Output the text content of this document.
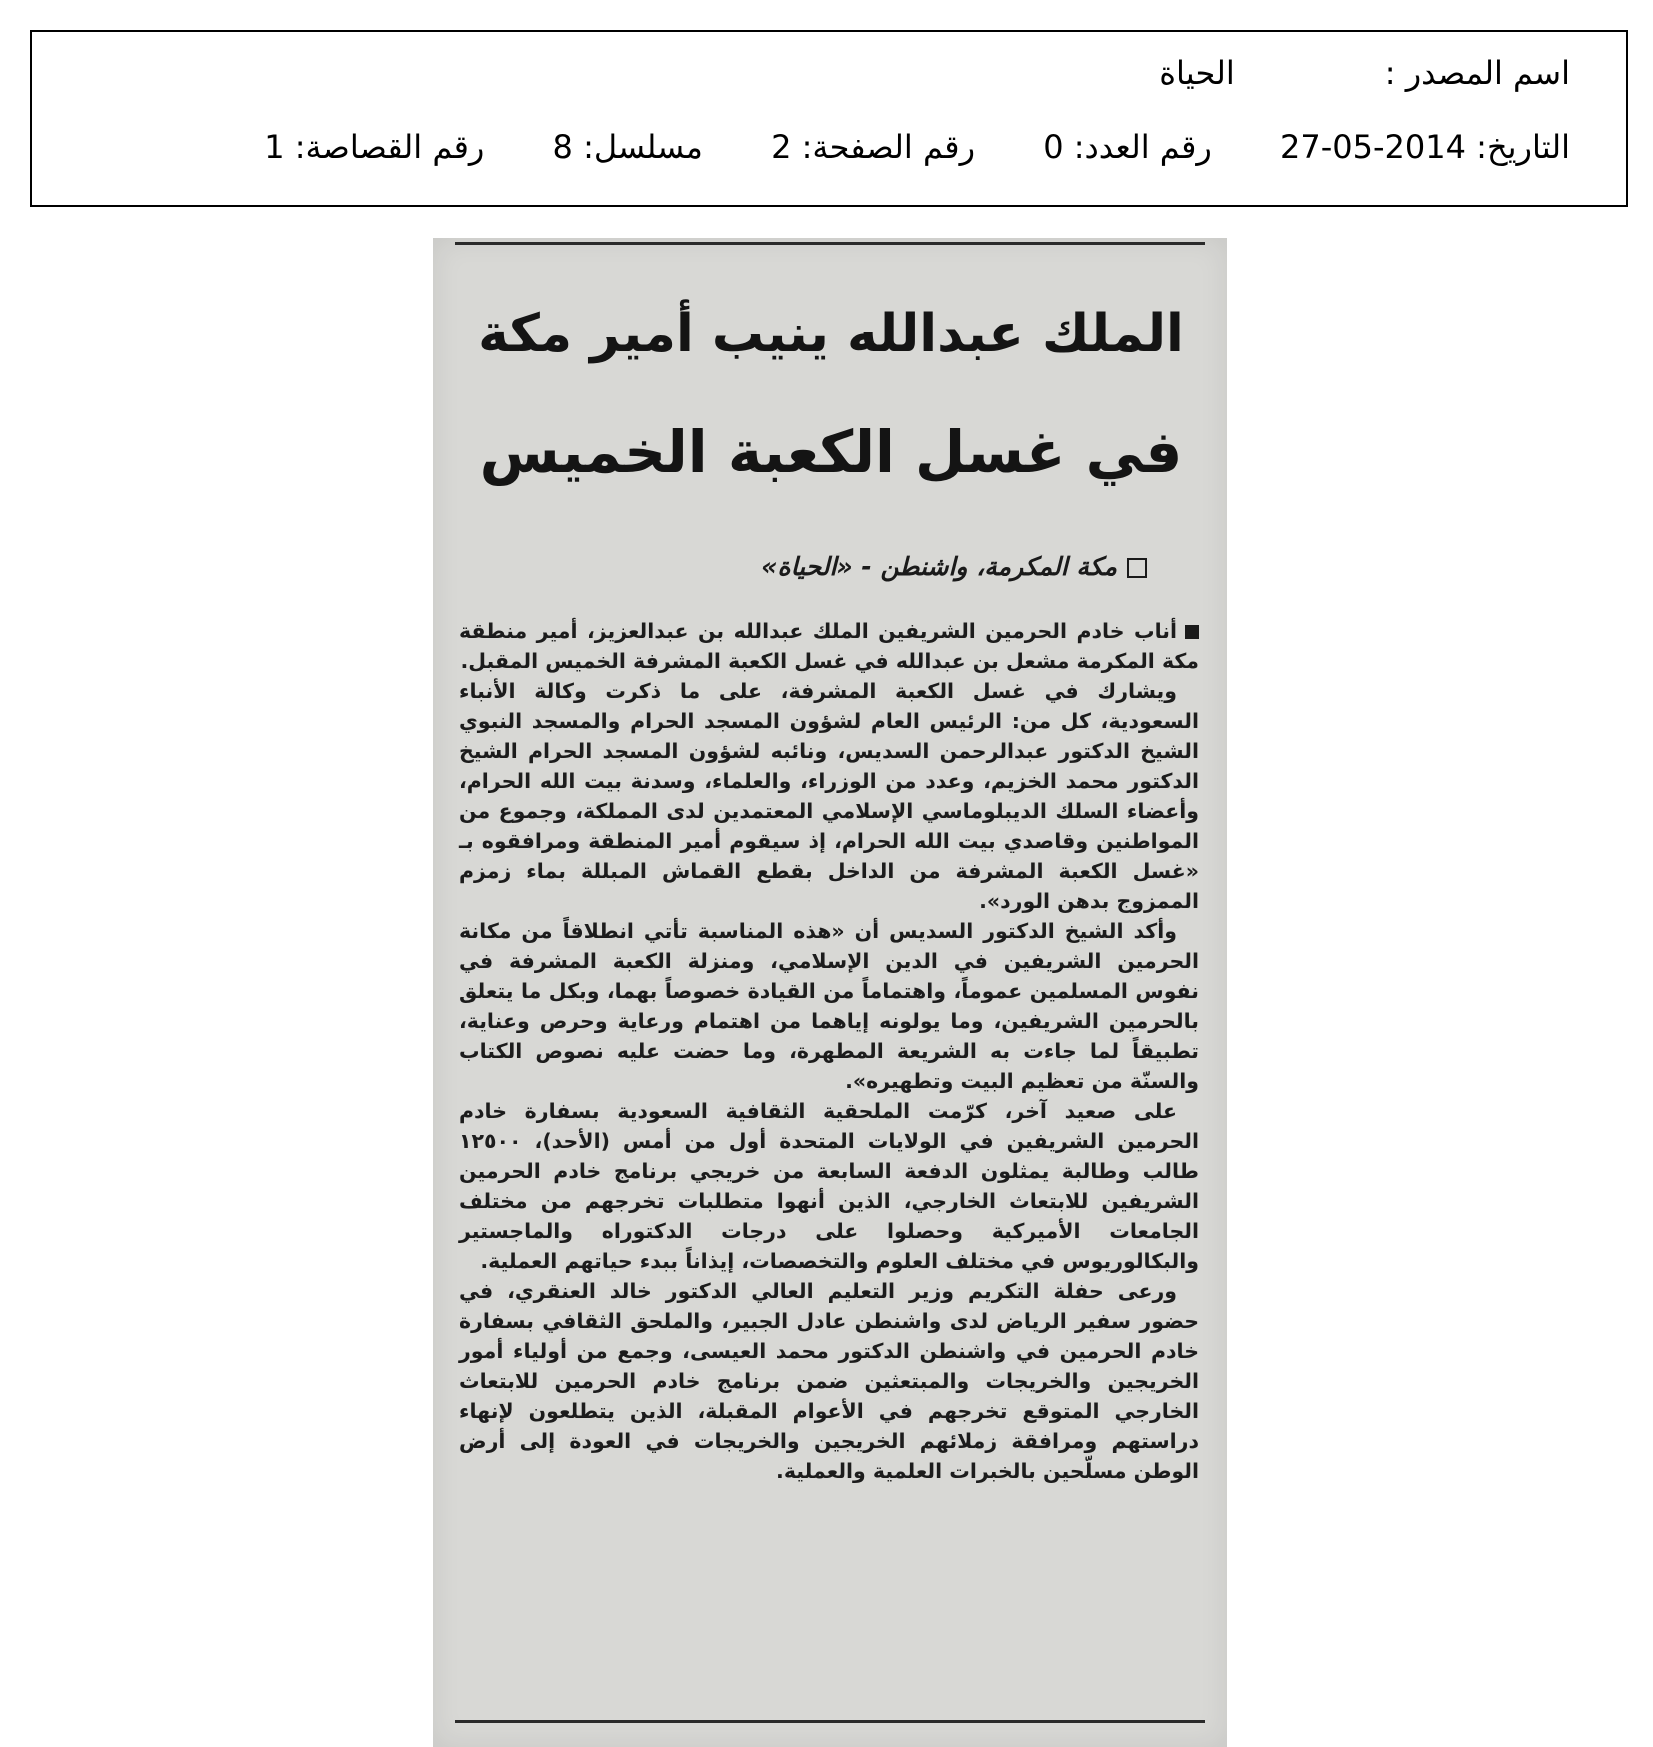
اسم المصدر :الحياة
التاريخ: 2014-05-27 رقم العدد: 0 رقم الصفحة: 2 مسلسل: 8 رقم القصاصة: 1
الملك عبدالله ينيب أمير مكة
في غسل الكعبة الخميس
مكة المكرمة، واشنطن - «الحياة»

أناب خادم الحرمين الشريفين الملك عبدالله بن عبدالعزيز، أمير منطقة مكة المكرمة مشعل بن عبدالله في غسل الكعبة المشرفة الخميس المقبل.

ويشارك في غسل الكعبة المشرفة، على ما ذكرت وكالة الأنباء السعودية، كل من: الرئيس العام لشؤون المسجد الحرام والمسجد النبوي الشيخ الدكتور عبدالرحمن السديس، ونائبه لشؤون المسجد الحرام الشيخ الدكتور محمد الخزيم، وعدد من الوزراء، والعلماء، وسدنة بيت الله الحرام، وأعضاء السلك الديبلوماسي الإسلامي المعتمدين لدى المملكة، وجموع من المواطنين وقاصدي بيت الله الحرام، إذ سيقوم أمير المنطقة ومرافقوه بـ «غسل الكعبة المشرفة من الداخل بقطع القماش المبللة بماء زمزم الممزوج بدهن الورد».

وأكد الشيخ الدكتور السديس أن «هذه المناسبة تأتي انطلاقاً من مكانة الحرمين الشريفين في الدين الإسلامي، ومنزلة الكعبة المشرفة في نفوس المسلمين عموماً، واهتماماً من القيادة خصوصاً بهما، وبكل ما يتعلق بالحرمين الشريفين، وما يولونه إياهما من اهتمام ورعاية وحرص وعناية، تطبيقاً لما جاءت به الشريعة المطهرة، وما حضت عليه نصوص الكتاب والسنّة من تعظيم البيت وتطهيره».

على صعيد آخر، كرّمت الملحقية الثقافية السعودية بسفارة خادم الحرمين الشريفين في الولايات المتحدة أول من أمس (الأحد)، ١٢٥٠٠ طالب وطالبة يمثلون الدفعة السابعة من خريجي برنامج خادم الحرمين الشريفين للابتعاث الخارجي، الذين أنهوا متطلبات تخرجهم من مختلف الجامعات الأميركية وحصلوا على درجات الدكتوراه والماجستير والبكالوريوس في مختلف العلوم والتخصصات، إيذاناً ببدء حياتهم العملية.

ورعى حفلة التكريم وزير التعليم العالي الدكتور خالد العنقري، في حضور سفير الرياض لدى واشنطن عادل الجبير، والملحق الثقافي بسفارة خادم الحرمين في واشنطن الدكتور محمد العيسى، وجمع من أولياء أمور الخريجين والخريجات والمبتعثين ضمن برنامج خادم الحرمين للابتعاث الخارجي المتوقع تخرجهم في الأعوام المقبلة، الذين يتطلعون لإنهاء دراستهم ومرافقة زملائهم الخريجين والخريجات في العودة إلى أرض الوطن مسلّحين بالخبرات العلمية والعملية.
